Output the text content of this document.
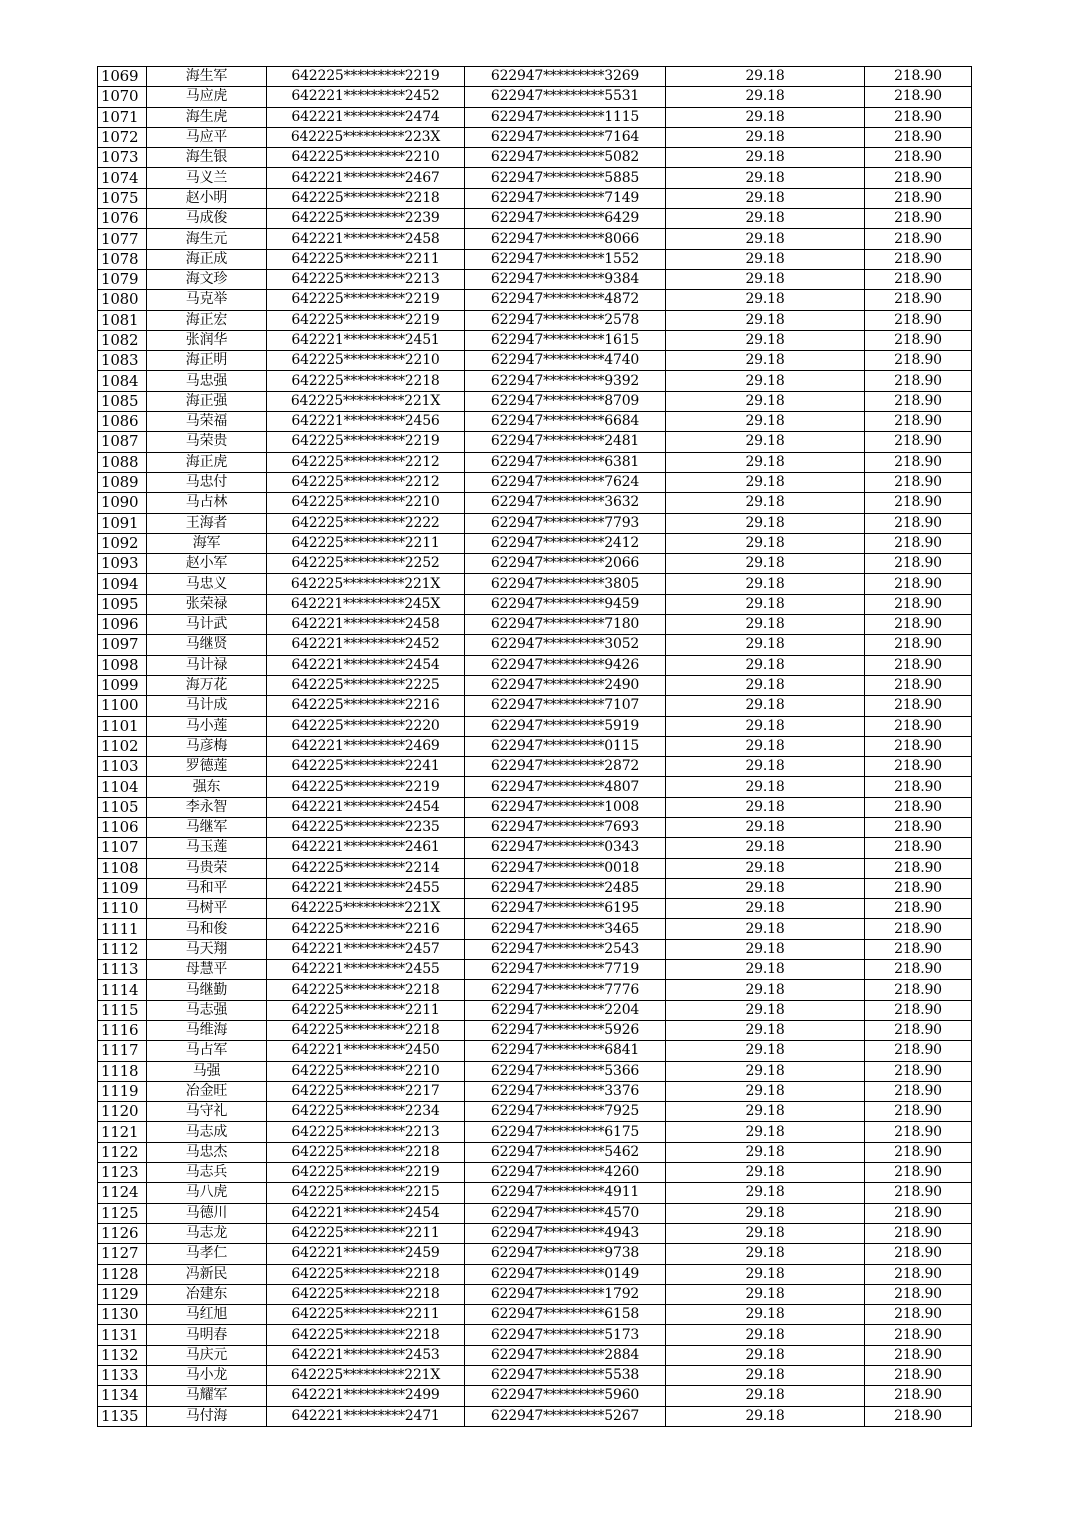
1069	海生军	642225*********2219	622947*********3269	29.18	218.90
1070	马应虎	642221*********2452	622947*********5531	29.18	218.90
1071	海生虎	642221*********2474	622947*********1115	29.18	218.90
1072	马应平	642225*********223X	622947*********7164	29.18	218.90
1073	海生银	642225*********2210	622947*********5082	29.18	218.90
1074	马义兰	642221*********2467	622947*********5885	29.18	218.90
1075	赵小明	642225*********2218	622947*********7149	29.18	218.90
1076	马成俊	642225*********2239	622947*********6429	29.18	218.90
1077	海生元	642221*********2458	622947*********8066	29.18	218.90
1078	海正成	642225*********2211	622947*********1552	29.18	218.90
1079	海文珍	642225*********2213	622947*********9384	29.18	218.90
1080	马克举	642225*********2219	622947*********4872	29.18	218.90
1081	海正宏	642225*********2219	622947*********2578	29.18	218.90
1082	张润华	642221*********2451	622947*********1615	29.18	218.90
1083	海正明	642225*********2210	622947*********4740	29.18	218.90
1084	马忠强	642225*********2218	622947*********9392	29.18	218.90
1085	海正强	642225*********221X	622947*********8709	29.18	218.90
1086	马荣福	642221*********2456	622947*********6684	29.18	218.90
1087	马荣贵	642225*********2219	622947*********2481	29.18	218.90
1088	海正虎	642225*********2212	622947*********6381	29.18	218.90
1089	马忠付	642225*********2212	622947*********7624	29.18	218.90
1090	马占林	642225*********2210	622947*********3632	29.18	218.90
1091	王海者	642225*********2222	622947*********7793	29.18	218.90
1092	海军	642225*********2211	622947*********2412	29.18	218.90
1093	赵小军	642225*********2252	622947*********2066	29.18	218.90
1094	马忠义	642225*********221X	622947*********3805	29.18	218.90
1095	张荣禄	642221*********245X	622947*********9459	29.18	218.90
1096	马计武	642221*********2458	622947*********7180	29.18	218.90
1097	马继贤	642221*********2452	622947*********3052	29.18	218.90
1098	马计禄	642221*********2454	622947*********9426	29.18	218.90
1099	海万花	642225*********2225	622947*********2490	29.18	218.90
1100	马计成	642225*********2216	622947*********7107	29.18	218.90
1101	马小莲	642225*********2220	622947*********5919	29.18	218.90
1102	马彦梅	642221*********2469	622947*********0115	29.18	218.90
1103	罗德莲	642225*********2241	622947*********2872	29.18	218.90
1104	强东	642225*********2219	622947*********4807	29.18	218.90
1105	李永智	642221*********2454	622947*********1008	29.18	218.90
1106	马继军	642225*********2235	622947*********7693	29.18	218.90
1107	马玉莲	642221*********2461	622947*********0343	29.18	218.90
1108	马贵荣	642225*********2214	622947*********0018	29.18	218.90
1109	马和平	642221*********2455	622947*********2485	29.18	218.90
1110	马树平	642225*********221X	622947*********6195	29.18	218.90
1111	马和俊	642225*********2216	622947*********3465	29.18	218.90
1112	马天翔	642221*********2457	622947*********2543	29.18	218.90
1113	母慧平	642221*********2455	622947*********7719	29.18	218.90
1114	马继勤	642225*********2218	622947*********7776	29.18	218.90
1115	马志强	642225*********2211	622947*********2204	29.18	218.90
1116	马维海	642225*********2218	622947*********5926	29.18	218.90
1117	马占军	642221*********2450	622947*********6841	29.18	218.90
1118	马强	642225*********2210	622947*********5366	29.18	218.90
1119	冶金旺	642225*********2217	622947*********3376	29.18	218.90
1120	马守礼	642225*********2234	622947*********7925	29.18	218.90
1121	马志成	642225*********2213	622947*********6175	29.18	218.90
1122	马忠杰	642225*********2218	622947*********5462	29.18	218.90
1123	马志兵	642225*********2219	622947*********4260	29.18	218.90
1124	马八虎	642225*********2215	622947*********4911	29.18	218.90
1125	马德川	642221*********2454	622947*********4570	29.18	218.90
1126	马志龙	642225*********2211	622947*********4943	29.18	218.90
1127	马孝仁	642221*********2459	622947*********9738	29.18	218.90
1128	冯新民	642225*********2218	622947*********0149	29.18	218.90
1129	冶建东	642225*********2218	622947*********1792	29.18	218.90
1130	马红旭	642225*********2211	622947*********6158	29.18	218.90
1131	马明春	642225*********2218	622947*********5173	29.18	218.90
1132	马庆元	642221*********2453	622947*********2884	29.18	218.90
1133	马小龙	642225*********221X	622947*********5538	29.18	218.90
1134	马耀军	642221*********2499	622947*********5960	29.18	218.90
1135	马付海	642221*********2471	622947*********5267	29.18	218.90
